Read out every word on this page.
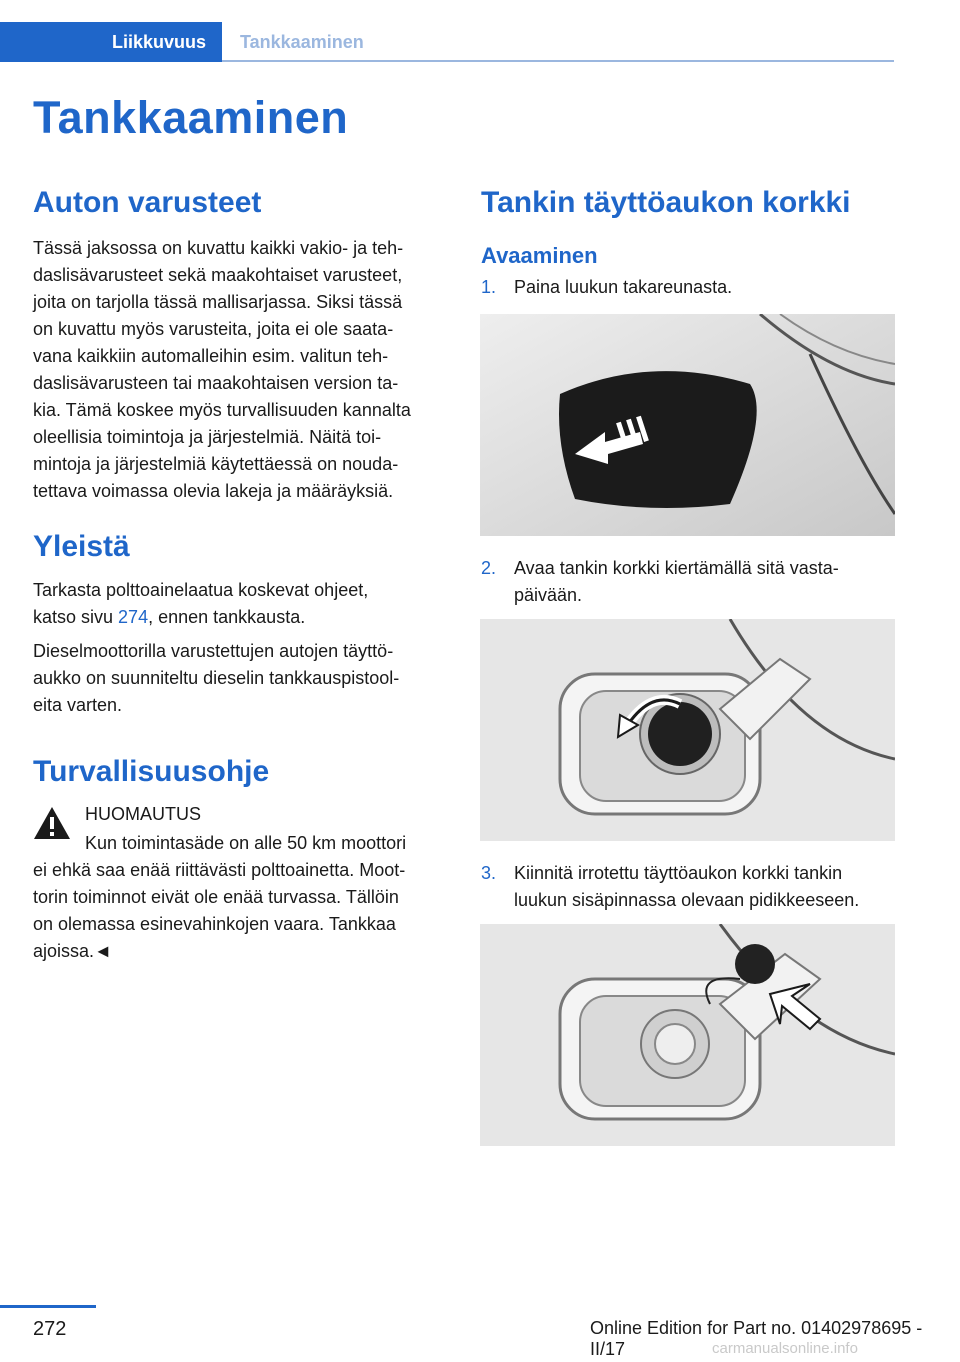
Liikkuvuus Tankkaaminen
Tankkaaminen
Auton varusteet

Tässä jaksossa on kuvattu kaikki vakio- ja teh‐

daslisävarusteet sekä maakohtaiset varusteet,

joita on tarjolla tässä mallisarjassa. Siksi tässä

on kuvattu myös varusteita, joita ei ole saata‐

vana kaikkiin automalleihin esim. valitun teh‐

daslisävarusteen tai maakohtaisen version ta‐

kia. Tämä koskee myös turvallisuuden kannalta

oleellisia toimintoja ja järjestelmiä. Näitä toi‐

mintoja ja järjestelmiä käytettäessä on nouda‐

tettava voimassa olevia lakeja ja määräyksiä.

Yleistä

Tarkasta polttoainelaatua koskevat ohjeet,

katso sivu 274, ennen tankkausta.

Dieselmoottorilla varustettujen autojen täyttö‐

aukko on suunniteltu dieselin tankkauspistool‐

eita varten.

Turvallisuusohje

HUOMAUTUS

Kun toimintasäde on alle 50 km moottori

ei ehkä saa enää riittävästi polttoainetta. Moot‐

torin toiminnot eivät ole enää turvassa. Tällöin

on olemassa esinevahinkojen vaara. Tankkaa

ajoissa.◄

Tankin täyttöaukon korkki
Avaaminen
1. Paina luukun takareunasta.
2. Avaa tankin korkki kiertämällä sitä vasta‐
päivään.
3. Kiinnitä irrotettu täyttöaukon korkki tankin
luukun sisäpinnassa olevaan pidikkeeseen.
272	Online Edition for Part no. 01402978695 - II/17	carmanualsonline.info
